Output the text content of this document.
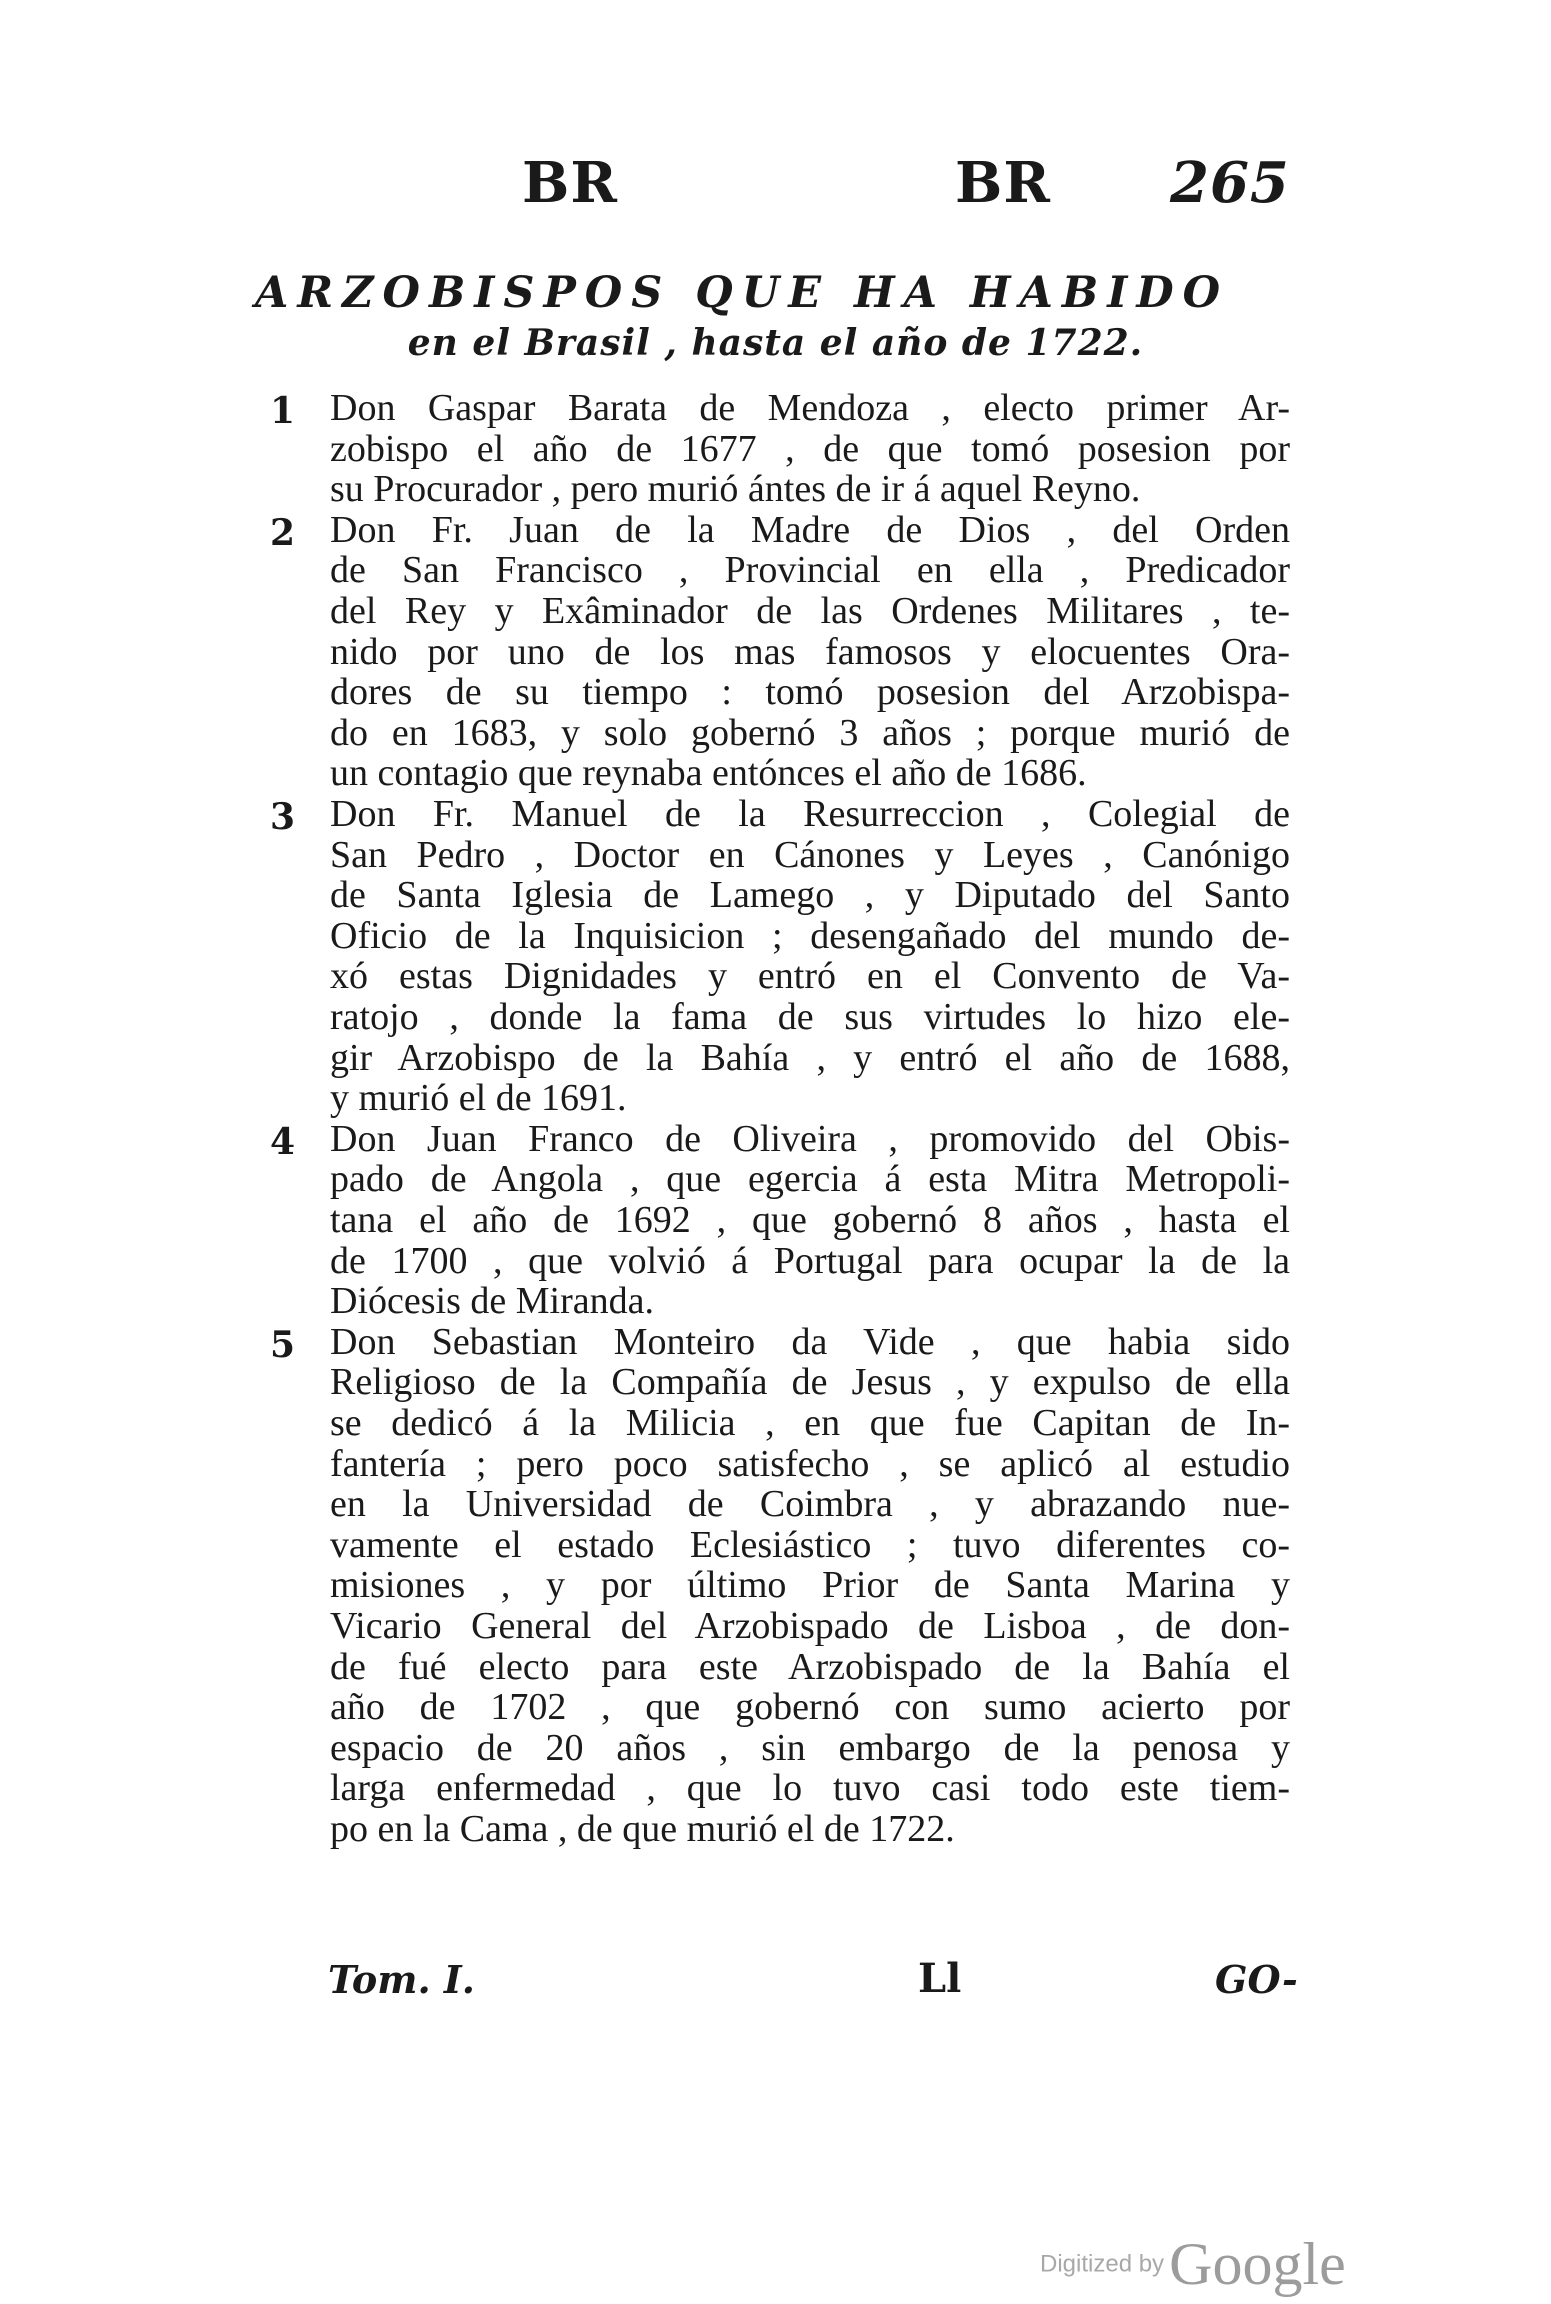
BR	BR 265
ARZOBISPOS QUE HA HABIDO
en el Brasil , hasta el año de 1722.
1 Don Gaspar Barata de Mendoza , electo primer Ar-
zobispo el año de 1677 , de que tomó posesion por
su Procurador , pero murió ántes de ir á aquel Reyno.
2 Don Fr. Juan de la Madre de Dios , del Orden
de San Francisco , Provincial en ella , Predicador
del Rey y Exâminador de las Ordenes Militares , te-
nido por uno de los mas famosos y elocuentes Ora-
dores de su tiempo : tomó posesion del Arzobispa-
do en 1683, y solo gobernó 3 años ; porque murió de
un contagio que reynaba entónces el año de 1686.
3 Don Fr. Manuel de la Resurreccion , Colegial de
San Pedro , Doctor en Cánones y Leyes , Canónigo
de Santa Iglesia de Lamego , y Diputado del Santo
Oficio de la Inquisicion ; desengañado del mundo de-
xó estas Dignidades y entró en el Convento de Va-
ratojo , donde la fama de sus virtudes lo hizo ele-
gir Arzobispo de la Bahía , y entró el año de 1688,
y murió el de 1691.
4 Don Juan Franco de Oliveira , promovido del Obis-
pado de Angola , que egercia á esta Mitra Metropoli-
tana el año de 1692 , que gobernó 8 años , hasta el
de 1700 , que volvió á Portugal para ocupar la de la
Diócesis de Miranda.
5 Don Sebastian Monteiro da Vide , que habia sido
Religioso de la Compañía de Jesus , y expulso de ella
se dedicó á la Milicia , en que fue Capitan de In-
fantería ; pero poco satisfecho , se aplicó al estudio
en la Universidad de Coimbra , y abrazando nue-
vamente el estado Eclesiástico ; tuvo diferentes co-
misiones , y por último Prior de Santa Marina y
Vicario General del Arzobispado de Lisboa , de don-
de fué electo para este Arzobispado de la Bahía el
año de 1702 , que gobernó con sumo acierto por
espacio de 20 años , sin embargo de la penosa y
larga enfermedad , que lo tuvo casi todo este tiem-
po en la Cama , de que murió el de 1722.
Tom. I.	Ll	GO-
Digitized by Google
